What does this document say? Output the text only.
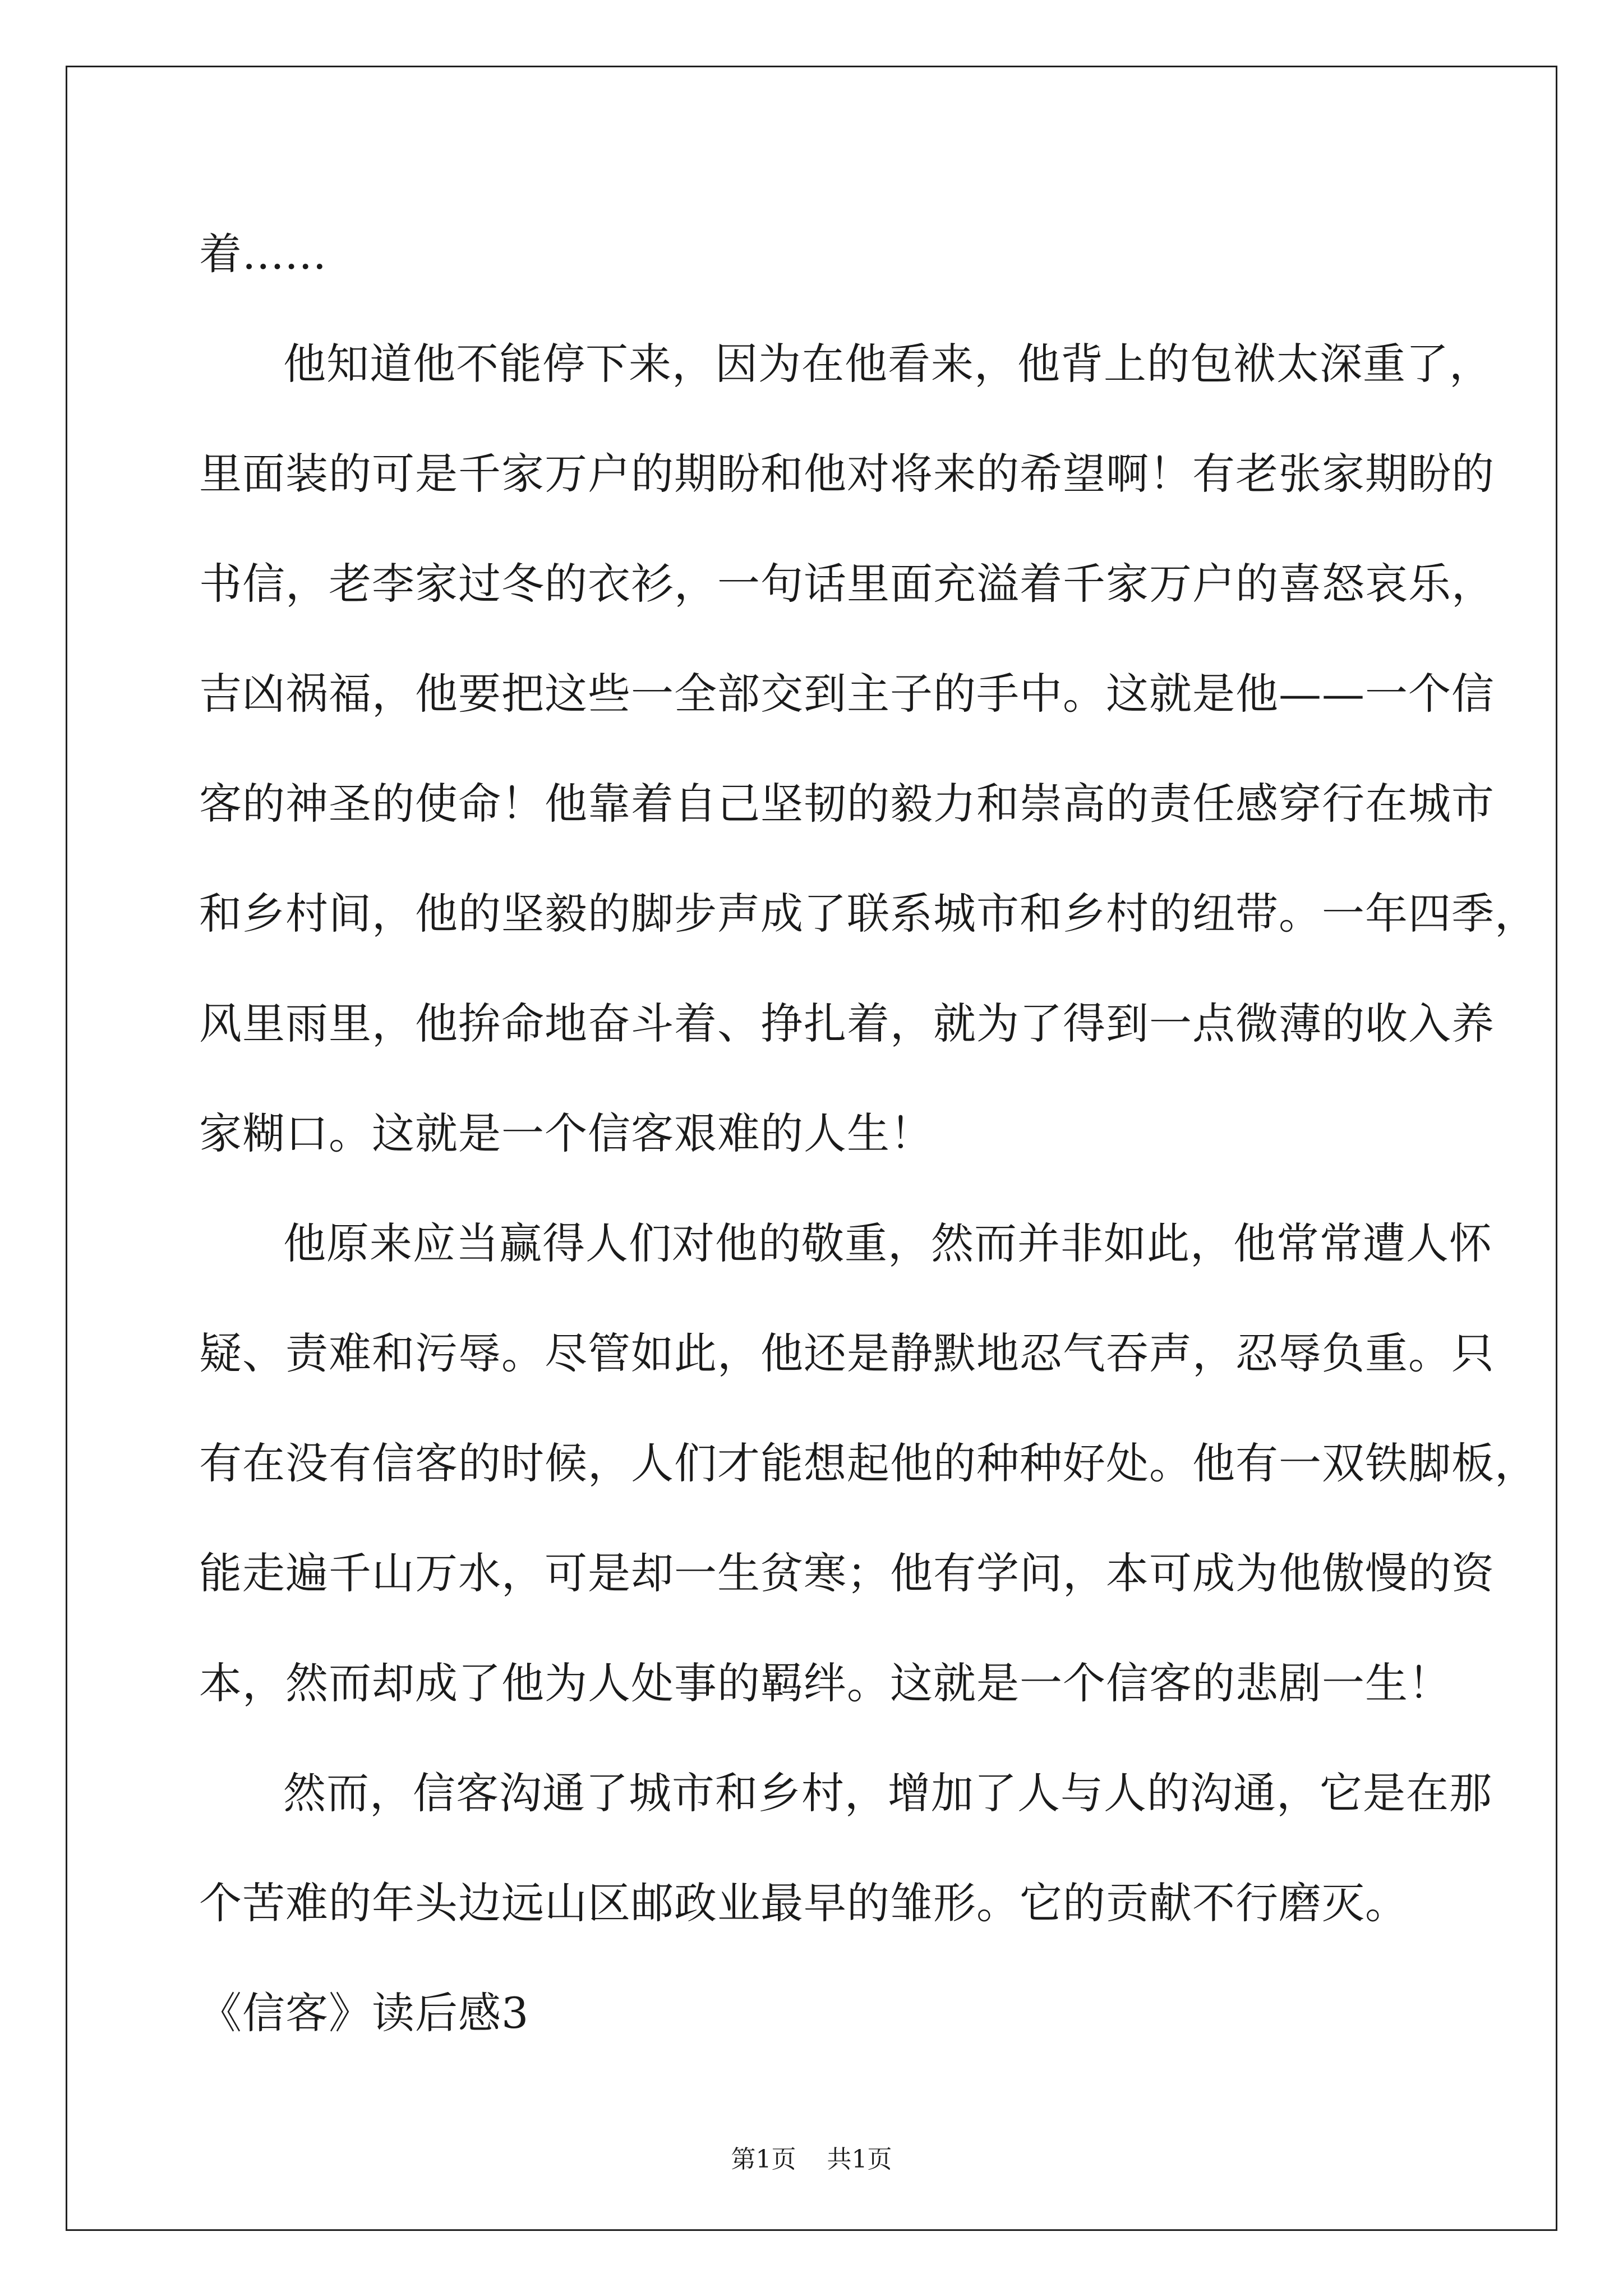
着......
他知道他不能停下来，因为在他看来，他背上的包袱太深重了，
里面装的可是千家万户的期盼和他对将来的希望啊！有老张家期盼的
书信，老李家过冬的衣衫，一句话里面充溢着千家万户的喜怒哀乐，
吉凶祸福，他要把这些一全部交到主子的手中。这就是他——一个信
客的神圣的使命！他靠着自己坚韧的毅力和崇高的责任感穿行在城市
和乡村间，他的坚毅的脚步声成了联系城市和乡村的纽带。一年四季，
风里雨里，他拚命地奋斗着、挣扎着，就为了得到一点微薄的收入养
家糊口。这就是一个信客艰难的人生！
他原来应当赢得人们对他的敬重，然而并非如此，他常常遭人怀
疑、责难和污辱。尽管如此，他还是静默地忍气吞声，忍辱负重。只
有在没有信客的时候，人们才能想起他的种种好处。他有一双铁脚板，
能走遍千山万水，可是却一生贫寒；他有学问，本可成为他傲慢的资
本，然而却成了他为人处事的羁绊。这就是一个信客的悲剧一生！
然而，信客沟通了城市和乡村，增加了人与人的沟通，它是在那
个苦难的年头边远山区邮政业最早的雏形。它的贡献不行磨灭。
《信客》读后感3
第1页 共1页
